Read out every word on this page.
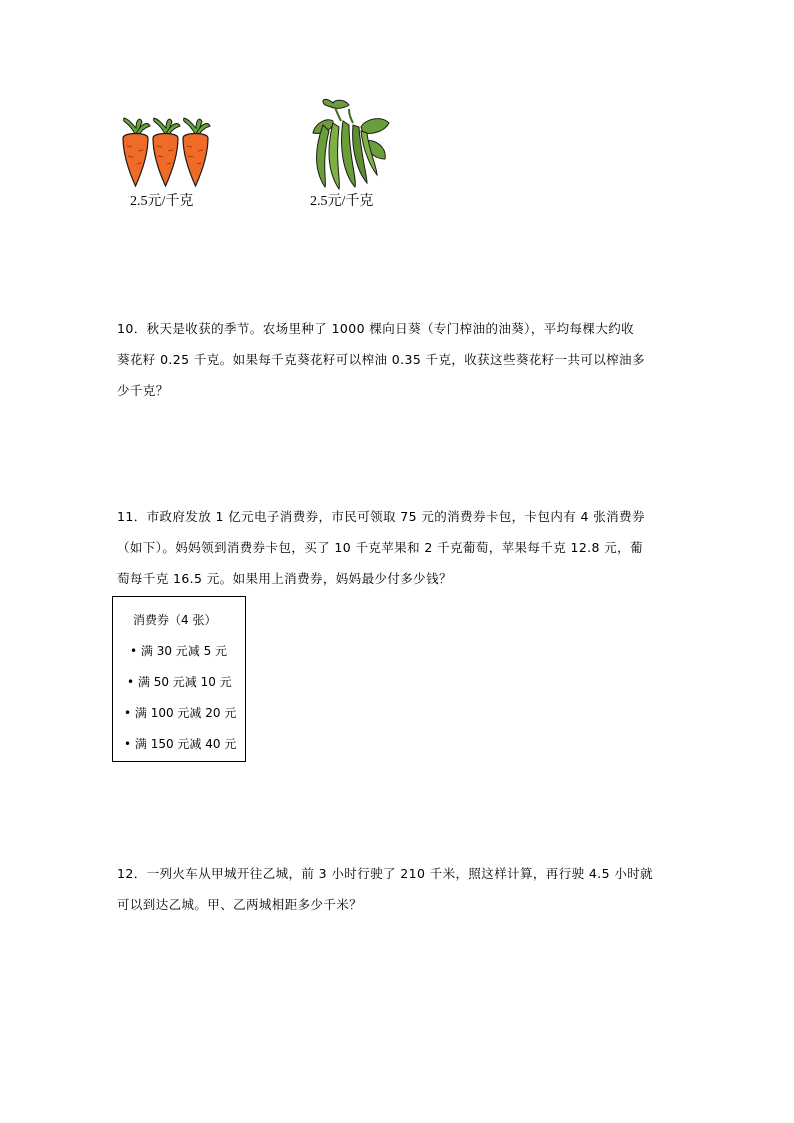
2.5元/千克	2.5元/千克

10．秋天是收获的季节。农场里种了 1000 棵向日葵（专门榨油的油葵），平均每棵大约收

葵花籽 0.25 千克。如果每千克葵花籽可以榨油 0.35 千克，收获这些葵花籽一共可以榨油多

少千克？

11．市政府发放 1 亿元电子消费券，市民可领取 75 元的消费券卡包，卡包内有 4 张消费券

（如下）。妈妈领到消费券卡包，买了 10 千克苹果和 2 千克葡萄，苹果每千克 12.8 元，葡

萄每千克 16.5 元。如果用上消费券，妈妈最少付多少钱？

消费券（4 张）
• 满 30 元减 5 元
• 满 50 元减 10 元
• 满 100 元减 20 元
• 满 150 元减 40 元

12．一列火车从甲城开往乙城，前 3 小时行驶了 210 千米，照这样计算，再行驶 4.5 小时就

可以到达乙城。甲、乙两城相距多少千米？
